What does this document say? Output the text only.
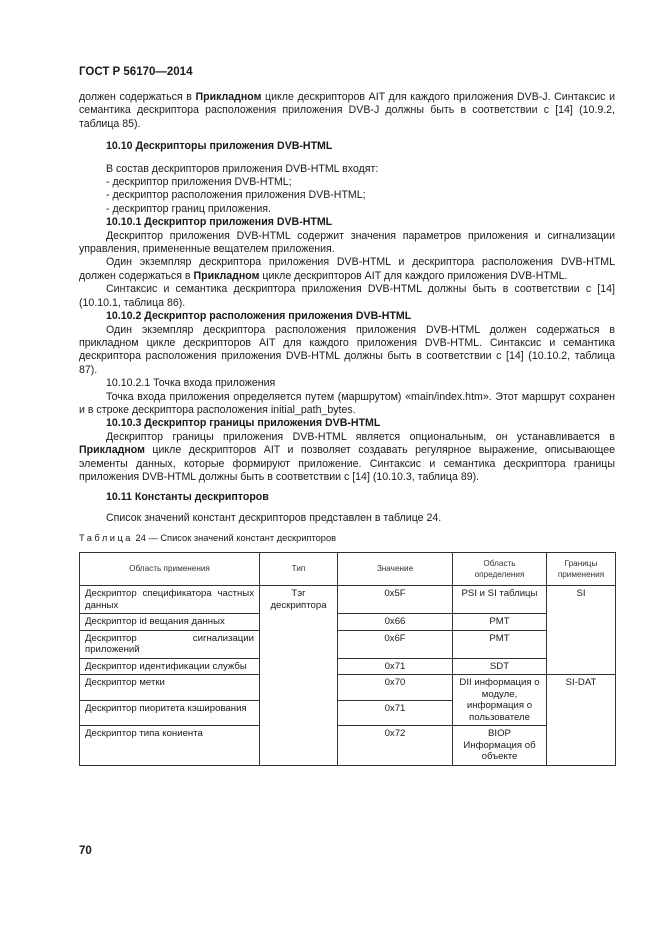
ГОСТ Р 56170—2014

должен содержаться в Прикладном цикле дескрипторов AIT для каждого приложения DVB-J. Синтаксис и семантика дескриптора расположения приложения DVB-J должны быть в соответствии с [14] (10.9.2, таблица 85).

10.10 Дескрипторы приложения DVB-HTML

В состав дескрипторов приложения DVB-HTML входят:

- дескриптор приложения DVB-HTML;

- дескриптор расположения приложения DVB-HTML;

- дескриптор границ приложения.

10.10.1 Дескриптор приложения DVB-HTML

Дескриптор приложения DVB-HTML содержит значения параметров приложения и сигнализации управления, примененные вещателем приложения.

Один экземпляр дескриптора приложения DVB-HTML и дескриптора расположения DVB-HTML должен содержаться в Прикладном цикле дескрипторов AIT для каждого приложения DVB-HTML.

Синтаксис и семантика дескриптора приложения DVB-HTML должны быть в соответствии с [14] (10.10.1, таблица 86).

10.10.2 Дескриптор расположения приложения DVB-HTML

Один экземпляр дескриптора расположения приложения DVB-HTML должен содержаться в прикладном цикле дескрипторов AIT для каждого приложения DVB-HTML. Синтаксис и семантика дескриптора расположения приложения DVB-HTML должны быть в соответствии с [14] (10.10.2, таблица 87).

10.10.2.1 Точка входа приложения

Точка входа приложения определяется путем (маршрутом) «main/index.htm». Этот маршрут сохранен и в строке дескриптора расположения initial_path_bytes.

10.10.3 Дескриптор границы приложения DVB-HTML

Дескриптор границы приложения DVB-HTML является опциональным, он устанавливается в Прикладном цикле дескрипторов AIT и позволяет создавать регулярное выражение, описывающее элементы данных, которые формируют приложение. Синтаксис и семантика дескриптора границы приложения DVB-HTML должны быть в соответствии с [14] (10.10.3, таблица 89).

10.11 Константы дескрипторов

Список значений констант дескрипторов представлен в таблице 24.

Таблица 24 — Список значений констант дескрипторов
Область применения	Тип	Значение	Область определения	Границы применения
Дескриптор спецификатора частных данных	Тэг дескриптора	0x5F	PSI и SI таблицы	SI
Дескриптор id вещания данных		0x66	PMT	
Дескриптор сигнализации приложений		0x6F	PMT	
Дескриптор идентификации службы		0x71	SDT	
Дескриптор метки		0x70	DII информация о модуле, информация о пользователе	SI-DAT
Дескриптор пиоритета кэширования		0x71		
Дескриптор типа кониента		0x72	BIOP Информация об объекте	
70
